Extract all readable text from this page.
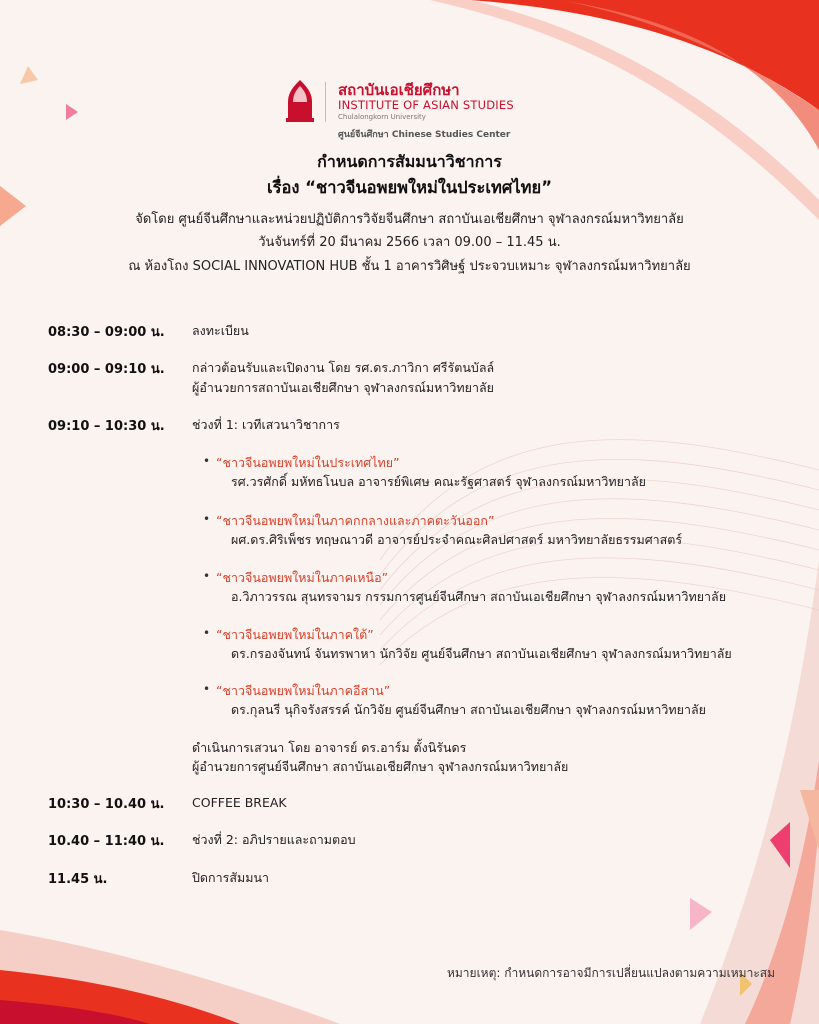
สถาบันเอเชียศึกษา
INSTITUTE OF ASIAN STUDIES
Chulalongkorn University
ศูนย์จีนศึกษา Chinese Studies Center
กำหนดการสัมมนาวิชาการ
เรื่อง “ชาวจีนอพยพใหม่ในประเทศไทย”
จัดโดย ศูนย์จีนศึกษาและหน่วยปฏิบัติการวิจัยจีนศึกษา สถาบันเอเชียศึกษา จุฬาลงกรณ์มหาวิทยาลัย
วันจันทร์ที่ 20 มีนาคม 2566 เวลา 09.00 – 11.45 น.
ณ ห้องโถง SOCIAL INNOVATION HUB ชั้น 1 อาคารวิศิษฐ์ ประจวบเหมาะ จุฬาลงกรณ์มหาวิทยาลัย
08:30 – 09:00 น. ลงทะเบียน
09:00 – 09:10 น. กล่าวต้อนรับและเปิดงาน โดย รศ.ดร.ภาวิกา ศรีรัตนบัลล์
ผู้อำนวยการสถาบันเอเชียศึกษา จุฬาลงกรณ์มหาวิทยาลัย
09:10 – 10:30 น. ช่วงที่ 1: เวทีเสวนาวิชาการ
• “ชาวจีนอพยพใหม่ในประเทศไทย”
รศ.วรศักดิ์ มหัทธโนบล อาจารย์พิเศษ คณะรัฐศาสตร์ จุฬาลงกรณ์มหาวิทยาลัย
• “ชาวจีนอพยพใหม่ในภาคกกลางและภาคตะวันออก”
ผศ.ดร.ศิริเพ็ชร ทฤษณาวดี อาจารย์ประจำคณะศิลปศาสตร์ มหาวิทยาลัยธรรมศาสตร์
• “ชาวจีนอพยพใหม่ในภาคเหนือ”
อ.วิภาวรรณ สุนทรจามร กรรมการศูนย์จีนศึกษา สถาบันเอเชียศึกษา จุฬาลงกรณ์มหาวิทยาลัย
• “ชาวจีนอพยพใหม่ในภาคใต้”
ดร.กรองจันทน์ จันทรพาหา นักวิจัย ศูนย์จีนศึกษา สถาบันเอเชียศึกษา จุฬาลงกรณ์มหาวิทยาลัย
• “ชาวจีนอพยพใหม่ในภาคอีสาน”
ดร.กุลนรี นุกิจรังสรรค์ นักวิจัย ศูนย์จีนศึกษา สถาบันเอเชียศึกษา จุฬาลงกรณ์มหาวิทยาลัย
ดำเนินการเสวนา โดย อาจารย์ ดร.อาร์ม ตั้งนิรันดร
ผู้อำนวยการศูนย์จีนศึกษา สถาบันเอเชียศึกษา จุฬาลงกรณ์มหาวิทยาลัย
10:30 – 10.40 น. COFFEE BREAK
10.40 – 11:40 น. ช่วงที่ 2: อภิปรายและถามตอบ
11.45 น.	ปิดการสัมมนา
หมายเหตุ: กำหนดการอาจมีการเปลี่ยนแปลงตามความเหมาะสม
